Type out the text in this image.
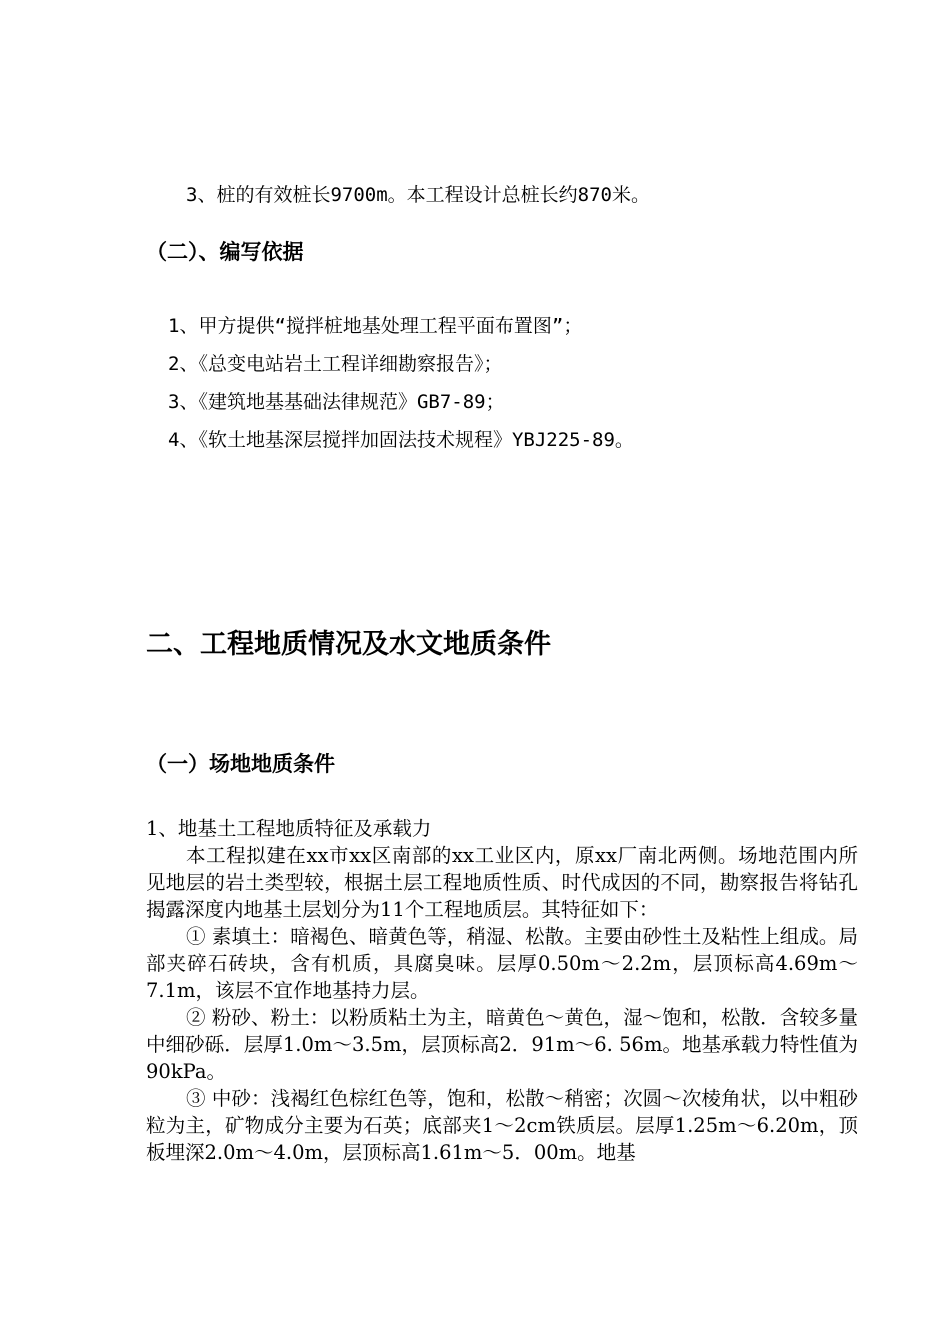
3、桩的有效桩长9700m。本工程设计总桩长约870米。
（二）、编写依据
1、甲方提供“搅拌桩地基处理工程平面布置图”；
2、《总变电站岩土工程详细勘察报告》；
3、《建筑地基基础法律规范》GB7-89；
4、《软土地基深层搅拌加固法技术规程》YBJ225-89。
二、工程地质情况及水文地质条件
（一）场地地质条件

1、地基土工程地质特征及承载力

本工程拟建在xx市xx区南部的xx工业区内，原xx厂南北两侧。场地范围内所见地层的岩土类型较，根据土层工程地质性质、时代成因的不同，勘察报告将钻孔揭露深度内地基土层划分为11个工程地质层。其特征如下：

① 素填土：暗褐色、暗黄色等，稍湿、松散。主要由砂性土及粘性上组成。局部夹碎石砖块，含有机质，具腐臭味。层厚0.50m～2.2m，层顶标高4.69m～7.1m，该层不宜作地基持力层。

② 粉砂、粉土：以粉质粘土为主，暗黄色～黄色，湿～饱和，松散．含较多量中细砂砾．层厚1.0m～3.5m，层顶标高2．91m～6. 56m。地基承载力特性值为90kPa。

③ 中砂：浅褐红色棕红色等，饱和，松散～稍密；次圆～次棱角状，以中粗砂粒为主，矿物成分主要为石英；底部夹1～2cm铁质层。层厚1.25m～6.20m，顶板埋深2.0m～4.0m，层顶标高1.61m～5．00m。地基
